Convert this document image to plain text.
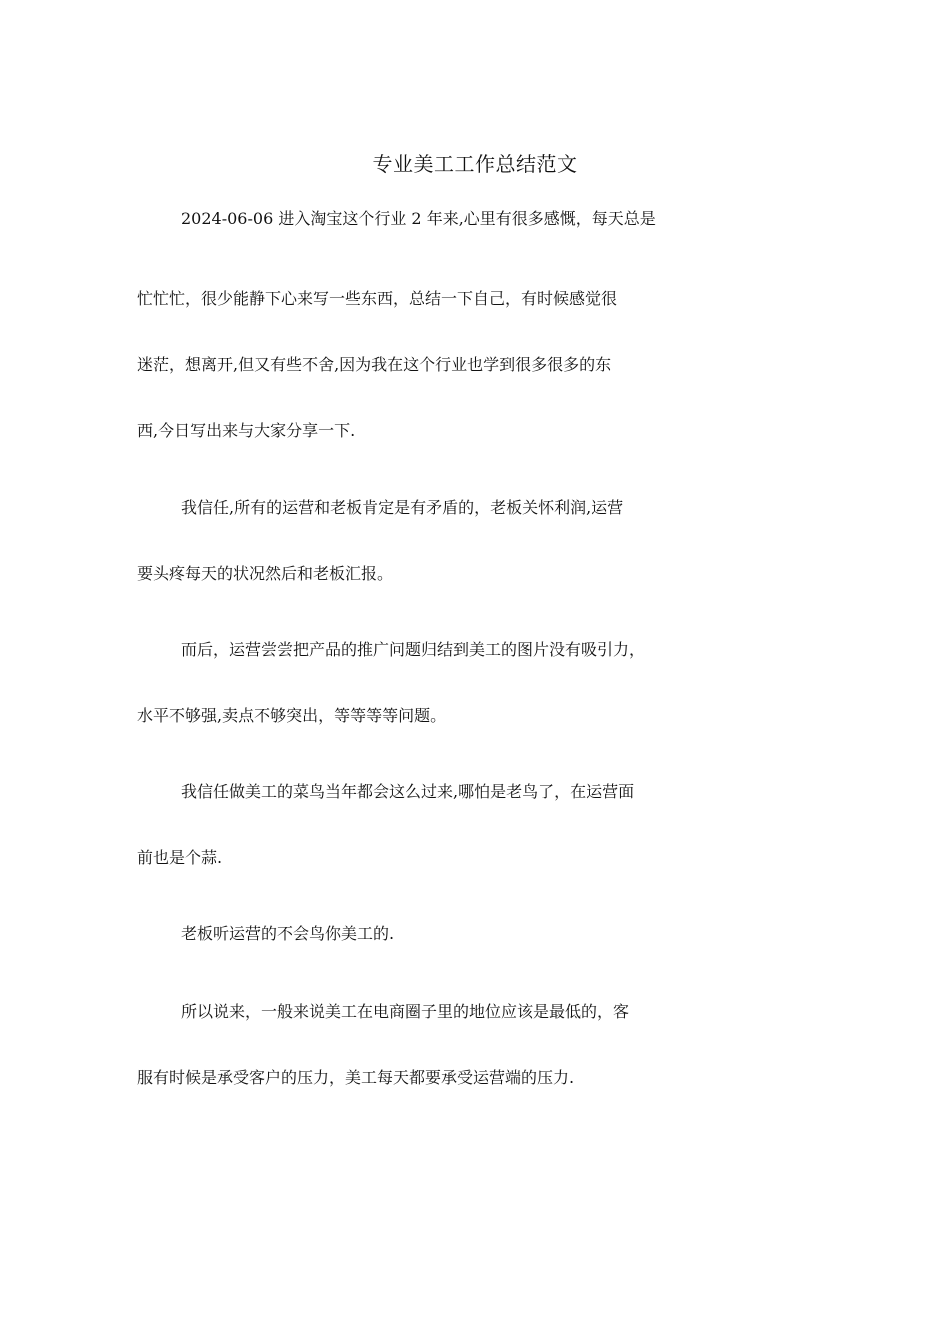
专业美工工作总结范文
2024-06-06 进入淘宝这个行业 2 年来,心里有很多感慨，每天总是
忙忙忙，很少能静下心来写一些东西，总结一下自己，有时候感觉很
迷茫，想离开,但又有些不舍,因为我在这个行业也学到很多很多的东
西,今日写出来与大家分享一下.
我信任,所有的运营和老板肯定是有矛盾的，老板关怀利润,运营
要头疼每天的状况然后和老板汇报。
而后，运营尝尝把产品的推广问题归结到美工的图片没有吸引力，
水平不够强,卖点不够突出，等等等等问题。
我信任做美工的菜鸟当年都会这么过来,哪怕是老鸟了，在运营面
前也是个蒜.
老板听运营的不会鸟你美工的.
所以说来，一般来说美工在电商圈子里的地位应该是最低的，客
服有时候是承受客户的压力，美工每天都要承受运营端的压力.
